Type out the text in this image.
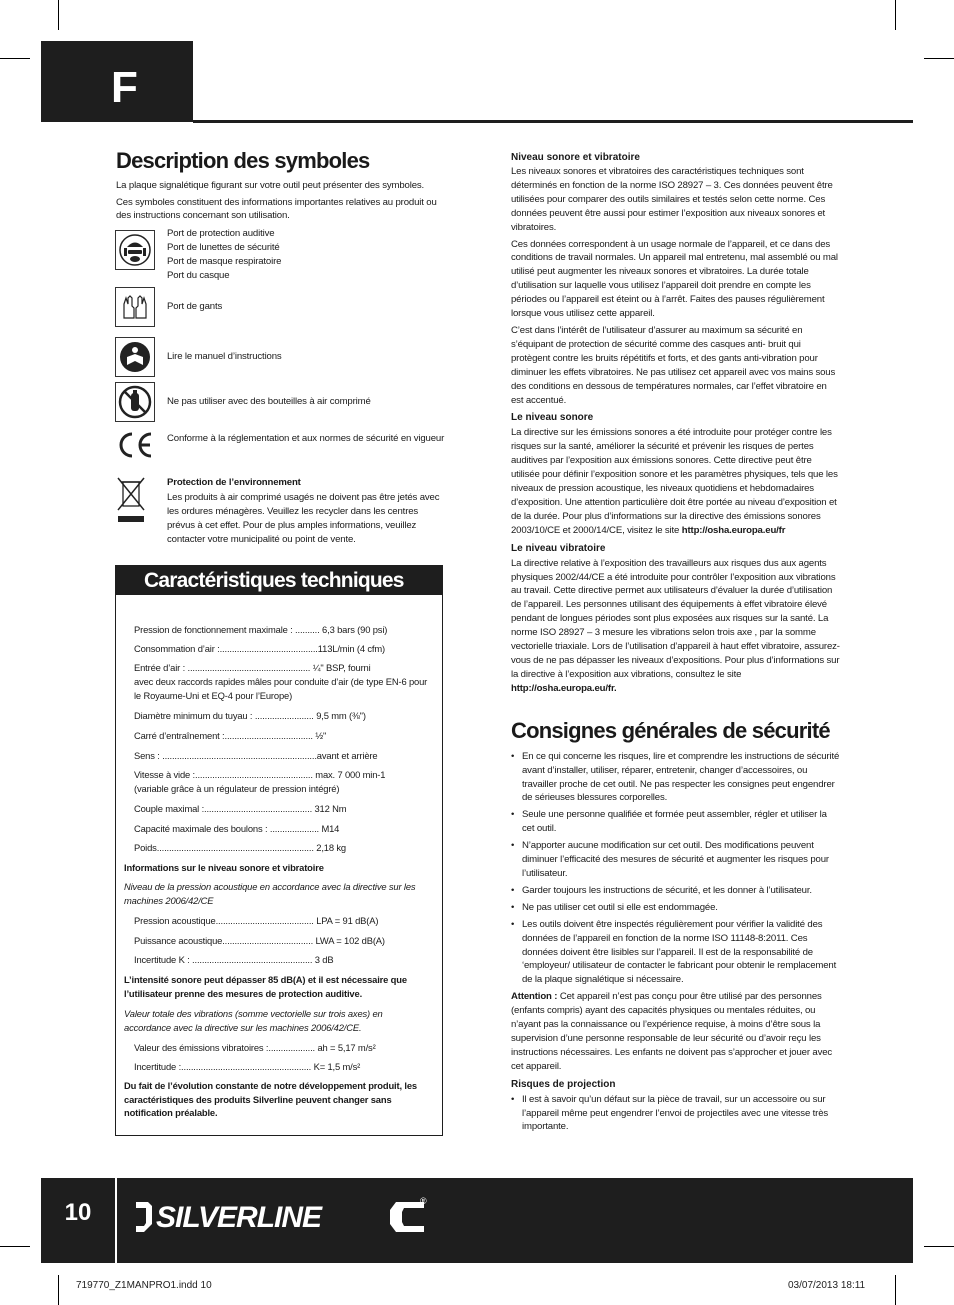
F
Description des symboles

La plaque signalétique figurant sur votre outil peut présenter des symboles.

Ces symboles constituent des informations importantes relatives au produit ou des instructions concernant son utilisation.

Port de protection auditive
Port de lunettes de sécurité
Port de masque respiratoire
Port du casque
Port de gants
Lire le manuel d’instructions
Ne pas utiliser avec des bouteilles à air comprimé
Conforme à la réglementation et aux normes de sécurité en vigueur
Protection de l’environnement
Les produits à air comprimé usagés ne doivent pas être jetés avec les ordures ménagères. Veuillez les recycler dans les centres prévus à cet effet. Pour de plus amples informations, veuillez contacter votre municipalité ou point de vente.
Caractéristiques techniques
Pression de fonctionnement maximale : .......... 6,3 bars (90 psi)
Consommation d’air :........................................113L/min (4 cfm)
Entrée d’air : .................................................. ¼" BSP, fourni
avec deux raccords rapides mâles pour conduite d’air (de type EN-6 pour le Royaume-Uni et EQ-4 pour l’Europe)
Diamètre minimum du tuyau : ........................ 9,5 mm (⅜")
Carré d’entraînement :.................................... ½"
Sens : ...............................................................avant et arrière
Vitesse à vide :................................................ max. 7 000 min-1
(variable grâce à un régulateur de pression intégré)
Couple maximal :............................................ 312 Nm
Capacité maximale des boulons : .................... M14
Poids................................................................ 2,18 kg
Informations sur le niveau sonore et vibratoire
Niveau de la pression acoustique en accordance avec la directive sur les machines 2006/42/CE
Pression acoustique........................................ LPA = 91 dB(A)
Puissance acoustique..................................... LWA = 102 dB(A)
Incertitude K : ................................................. 3 dB
L’intensité sonore peut dépasser 85 dB(A) et il est nécessaire que l’utilisateur prenne des mesures de protection auditive.
Valeur totale des vibrations (somme vectorielle sur trois axes) en accordance avec la directive sur les machines 2006/42/CE.
Valeur des émissions vibratoires :................... ah = 5,17 m/s²
Incertitude :..................................................... K= 1,5 m/s²
Du fait de l’évolution constante de notre développement produit, les caractéristiques des produits Silverline peuvent changer sans notification préalable.
Niveau sonore et vibratoire

Les niveaux sonores et vibratoires des caractéristiques techniques sont déterminés en fonction de la norme ISO 28927 – 3. Ces données peuvent être utilisées pour comparer des outils similaires et testés selon cette norme. Ces données peuvent être aussi pour estimer l’exposition aux niveaux sonores et vibratoires.

Ces données correspondent à un usage normale de l’appareil, et ce dans des conditions de travail normales. Un appareil mal entretenu, mal assemblé ou mal utilisé peut augmenter les niveaux sonores et vibratoires. La durée totale d’utilisation sur laquelle vous utilisez l’appareil doit prendre en compte les périodes ou l’appareil est éteint ou à l’arrêt. Faites des pauses régulièrement lorsque vous utilisez cette appareil.

C’est dans l’intérêt de l’utilisateur d’assurer au maximum sa sécurité en s’équipant de protection de sécurité comme des casques anti- bruit qui protègent contre les bruits répétitifs et forts, et des gants anti-vibration pour diminuer les effets vibratoires. Ne pas utilisez cet appareil avec vos mains sous des conditions en dessous de températures normales, car l’effet vibratoire en est accentué.

Le niveau sonore

La directive sur les émissions sonores a été introduite pour protéger contre les risques sur la santé, améliorer la sécurité et prévenir les risques de pertes auditives par l’exposition aux émissions sonores. Cette directive peut être utilisée pour définir l’exposition sonore et les paramètres physiques, tels que les niveaux de pression acoustique, les niveaux quotidiens et hebdomadaires d’exposition. Une attention particulière doit être portée au niveau d’exposition et de la durée. Pour plus d’informations sur la directive des émissions sonores 2003/10/CE et 2000/14/CE, visitez le site http://osha.europa.eu/fr

Le niveau vibratoire

La directive relative à l’exposition des travailleurs aux risques dus aux agents physiques 2002/44/CE a été introduite pour contrôler l’exposition aux vibrations au travail. Cette directive permet aux utilisateurs d’évaluer la durée d’utilisation de l’appareil. Les personnes utilisant des équipements à effet vibratoire élevé pendant de longues périodes sont plus exposées aux risques sur la santé. La norme ISO 28927 – 3 mesure les vibrations selon trois axe , par la somme vectorielle triaxiale. Lors de l’utilisation d’appareil à haut effet vibratoire, assurez-vous de ne pas dépasser les niveaux d’expositions. Pour plus d’informations sur la directive à l’exposition aux vibrations, consultez le site http://osha.europa.eu/fr.

Consignes générales de sécurité
• En ce qui concerne les risques, lire et comprendre les instructions de sécurité avant d’installer, utiliser, réparer, entretenir, changer d’accessoires, ou travailler proche de cet outil. Ne pas respecter les consignes peut engendrer de sérieuses blessures corporelles.
• Seule une personne qualifiée et formée peut assembler, régler et utiliser la cet outil.
• N’apporter aucune modification sur cet outil. Des modifications peuvent diminuer l’efficacité des mesures de sécurité et augmenter les risques pour l’utilisateur.
• Garder toujours les instructions de sécurité, et les donner à l’utilisateur.
• Ne pas utiliser cet outil si elle est endommagée.
• Les outils doivent être inspectés régulièrement pour vérifier la validité des données de l’appareil en fonction de la norme ISO 11148-8:2011. Ces données doivent être lisibles sur l’appareil. Il est de la responsabilité de ‘employeur/ utilisateur de contacter le fabricant pour obtenir le remplacement de la plaque signalétique si nécessaire.

Attention : Cet appareil n’est pas conçu pour être utilisé par des personnes (enfants compris) ayant des capacités physiques ou mentales réduites, ou n’ayant pas la connaissance ou l’expérience requise, à moins d’être sous la supervision d’une personne responsable de leur sécurité ou d’avoir reçu les instructions nécessaires. Les enfants ne doivent pas s’approcher et jouer avec cet appareil.

Risques de projection
• Il est à savoir qu’un défaut sur la pièce de travail, sur un accessoire ou sur l’appareil même peut engendrer l’envoi de projectiles avec une vitesse très importante.
10	SILVERLINE	®
719770_Z1MANPRO1.indd 10	03/07/2013 18:11
